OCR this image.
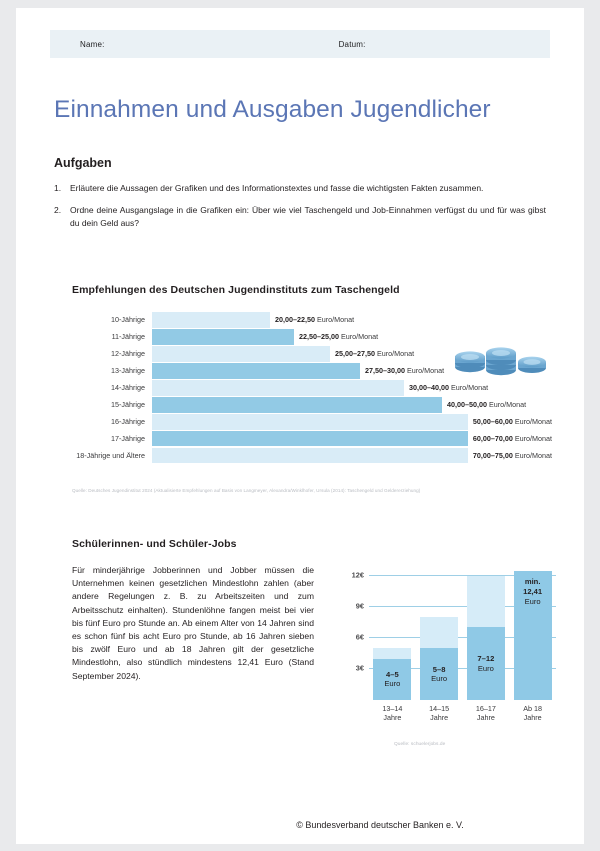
Name:	Datum:
Einnahmen und Ausgaben Jugendlicher
Aufgaben
1.	Erläutere die Aussagen der Grafiken und des Informationstextes und fasse die wichtigsten Fakten zusammen.
2.	Ordne deine Ausgangslage in die Grafiken ein: Über wie viel Taschengeld und Job-Einnahmen verfügst du und für was gibst du dein Geld aus?
Empfehlungen des Deutschen Jugendinstituts zum Taschengeld
10-Jährige	20,00–22,50 Euro/Monat
11-Jährige	22,50–25,00 Euro/Monat
12-Jährige	25,00–27,50 Euro/Monat
13-Jährige	27,50–30,00 Euro/Monat
14-Jährige	30,00–40,00 Euro/Monat
15-Jährige	40,00–50,00 Euro/Monat
16-Jährige	50,00–60,00 Euro/Monat
17-Jährige	60,00–70,00 Euro/Monat
18-Jährige und Ältere	70,00–75,00 Euro/Monat
Quelle: Deutsches Jugendinstitut 2024 (Aktualisierte Empfehlungen auf Basis von Langmeyer, Alexandra/Winklhofer, Ursula (2014): Taschengeld und Geldererziehung)
Schülerinnen- und Schüler-Jobs
Für minderjährige Jobberinnen und Jobber müssen die Unternehmen keinen gesetzlichen Mindestlohn zahlen (aber andere Regelungen z. B. zu Arbeitszeiten und zum Arbeitsschutz einhalten). Stundenlöhne fangen meist bei vier bis fünf Euro pro Stunde an. Ab einem Alter von 14 Jahren sind es schon fünf bis acht Euro pro Stunde, ab 16 Jahren sieben bis zwölf Euro und ab 18 Jahren gilt der gesetzliche Mindestlohn, also stündlich mindestens 12,41 Euro (Stand September 2024).
3€
6€
9€
12€
4–5
Euro
13–14
Jahre
5–8
Euro
14–15
Jahre
7–12
Euro
16–17
Jahre
min.
12,41
Euro
Ab 18
Jahre
Quelle: schuelerjobs.de
© Bundesverband deutscher Banken e. V.
